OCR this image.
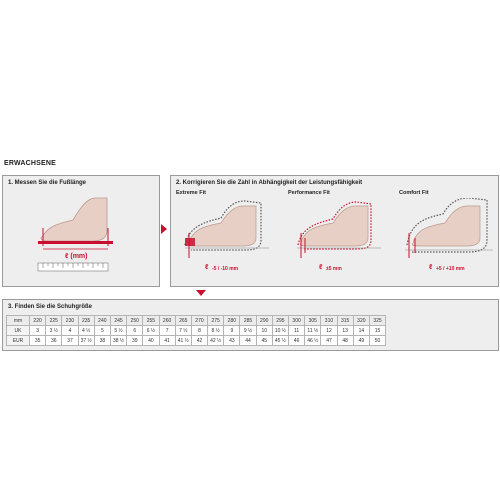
ERWACHSENE
1. Messen Sie die Fußlänge
ℓ (mm)
2. Korrigieren Sie die Zahl in Abhängigkeit der Leistungsfähigkeit
Extreme Fit
ℓ -5 / -10 mm
Performance Fit
ℓ ±5 mm
Comfort Fit
ℓ +5 / +10 mm
3. Finden Sie die Schuhgröße
mm	220	225	230	235	240	245	250	255	260	265	270	275	280	285	290	295	300	305	310	315	320	325
UK	3	3 ½	4	4 ½	5	5 ½	6	6 ½	7	7 ½	8	8 ½	9	9 ½	10	10 ½	11	11 ½	12	13	14	15
EUR	35	36	37	37 ½	38	38 ½	39	40	41	41 ½	42	42 ½	43	44	45	45 ½	46	46 ½	47	48	49	50
